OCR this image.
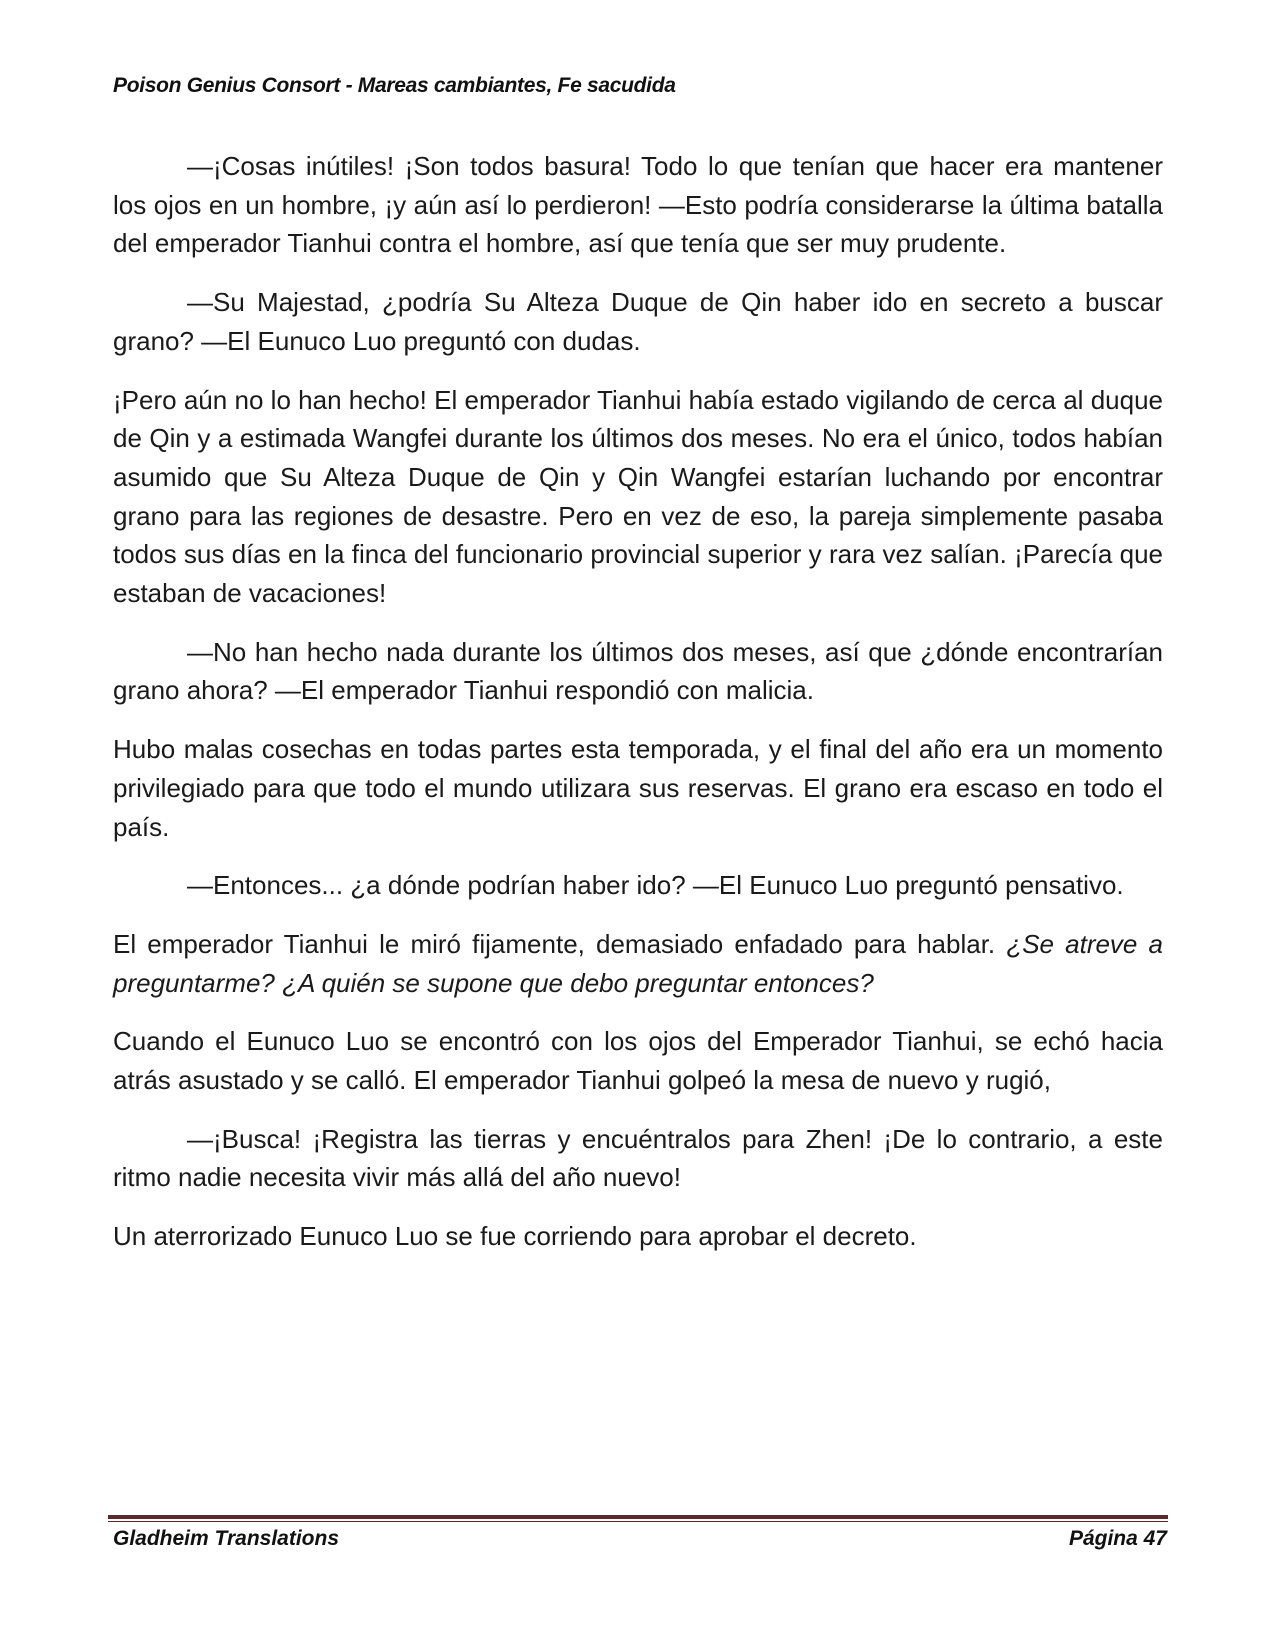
Poison Genius Consort - Mareas cambiantes, Fe sacudida

—¡Cosas inútiles! ¡Son todos basura! Todo lo que tenían que hacer era mantener los ojos en un hombre, ¡y aún así lo perdieron! —Esto podría considerarse la última batalla del emperador Tianhui contra el hombre, así que tenía que ser muy prudente.

—Su Majestad, ¿podría Su Alteza Duque de Qin haber ido en secreto a buscar grano? —El Eunuco Luo preguntó con dudas.

¡Pero aún no lo han hecho! El emperador Tianhui había estado vigilando de cerca al duque de Qin y a estimada Wangfei durante los últimos dos meses. No era el único, todos habían asumido que Su Alteza Duque de Qin y Qin Wangfei estarían luchando por encontrar grano para las regiones de desastre. Pero en vez de eso, la pareja simplemente pasaba todos sus días en la finca del funcionario provincial superior y rara vez salían. ¡Parecía que estaban de vacaciones!

—No han hecho nada durante los últimos dos meses, así que ¿dónde encontrarían grano ahora? —El emperador Tianhui respondió con malicia.

Hubo malas cosechas en todas partes esta temporada, y el final del año era un momento privilegiado para que todo el mundo utilizara sus reservas. El grano era escaso en todo el país.

—Entonces... ¿a dónde podrían haber ido? —El Eunuco Luo preguntó pensativo.

El emperador Tianhui le miró fijamente, demasiado enfadado para hablar. ¿Se atreve a preguntarme? ¿A quién se supone que debo preguntar entonces?

Cuando el Eunuco Luo se encontró con los ojos del Emperador Tianhui, se echó hacia atrás asustado y se calló. El emperador Tianhui golpeó la mesa de nuevo y rugió,

—¡Busca! ¡Registra las tierras y encuéntralos para Zhen! ¡De lo contrario, a este ritmo nadie necesita vivir más allá del año nuevo!

Un aterrorizado Eunuco Luo se fue corriendo para aprobar el decreto.

Gladheim Translations	Página 47
